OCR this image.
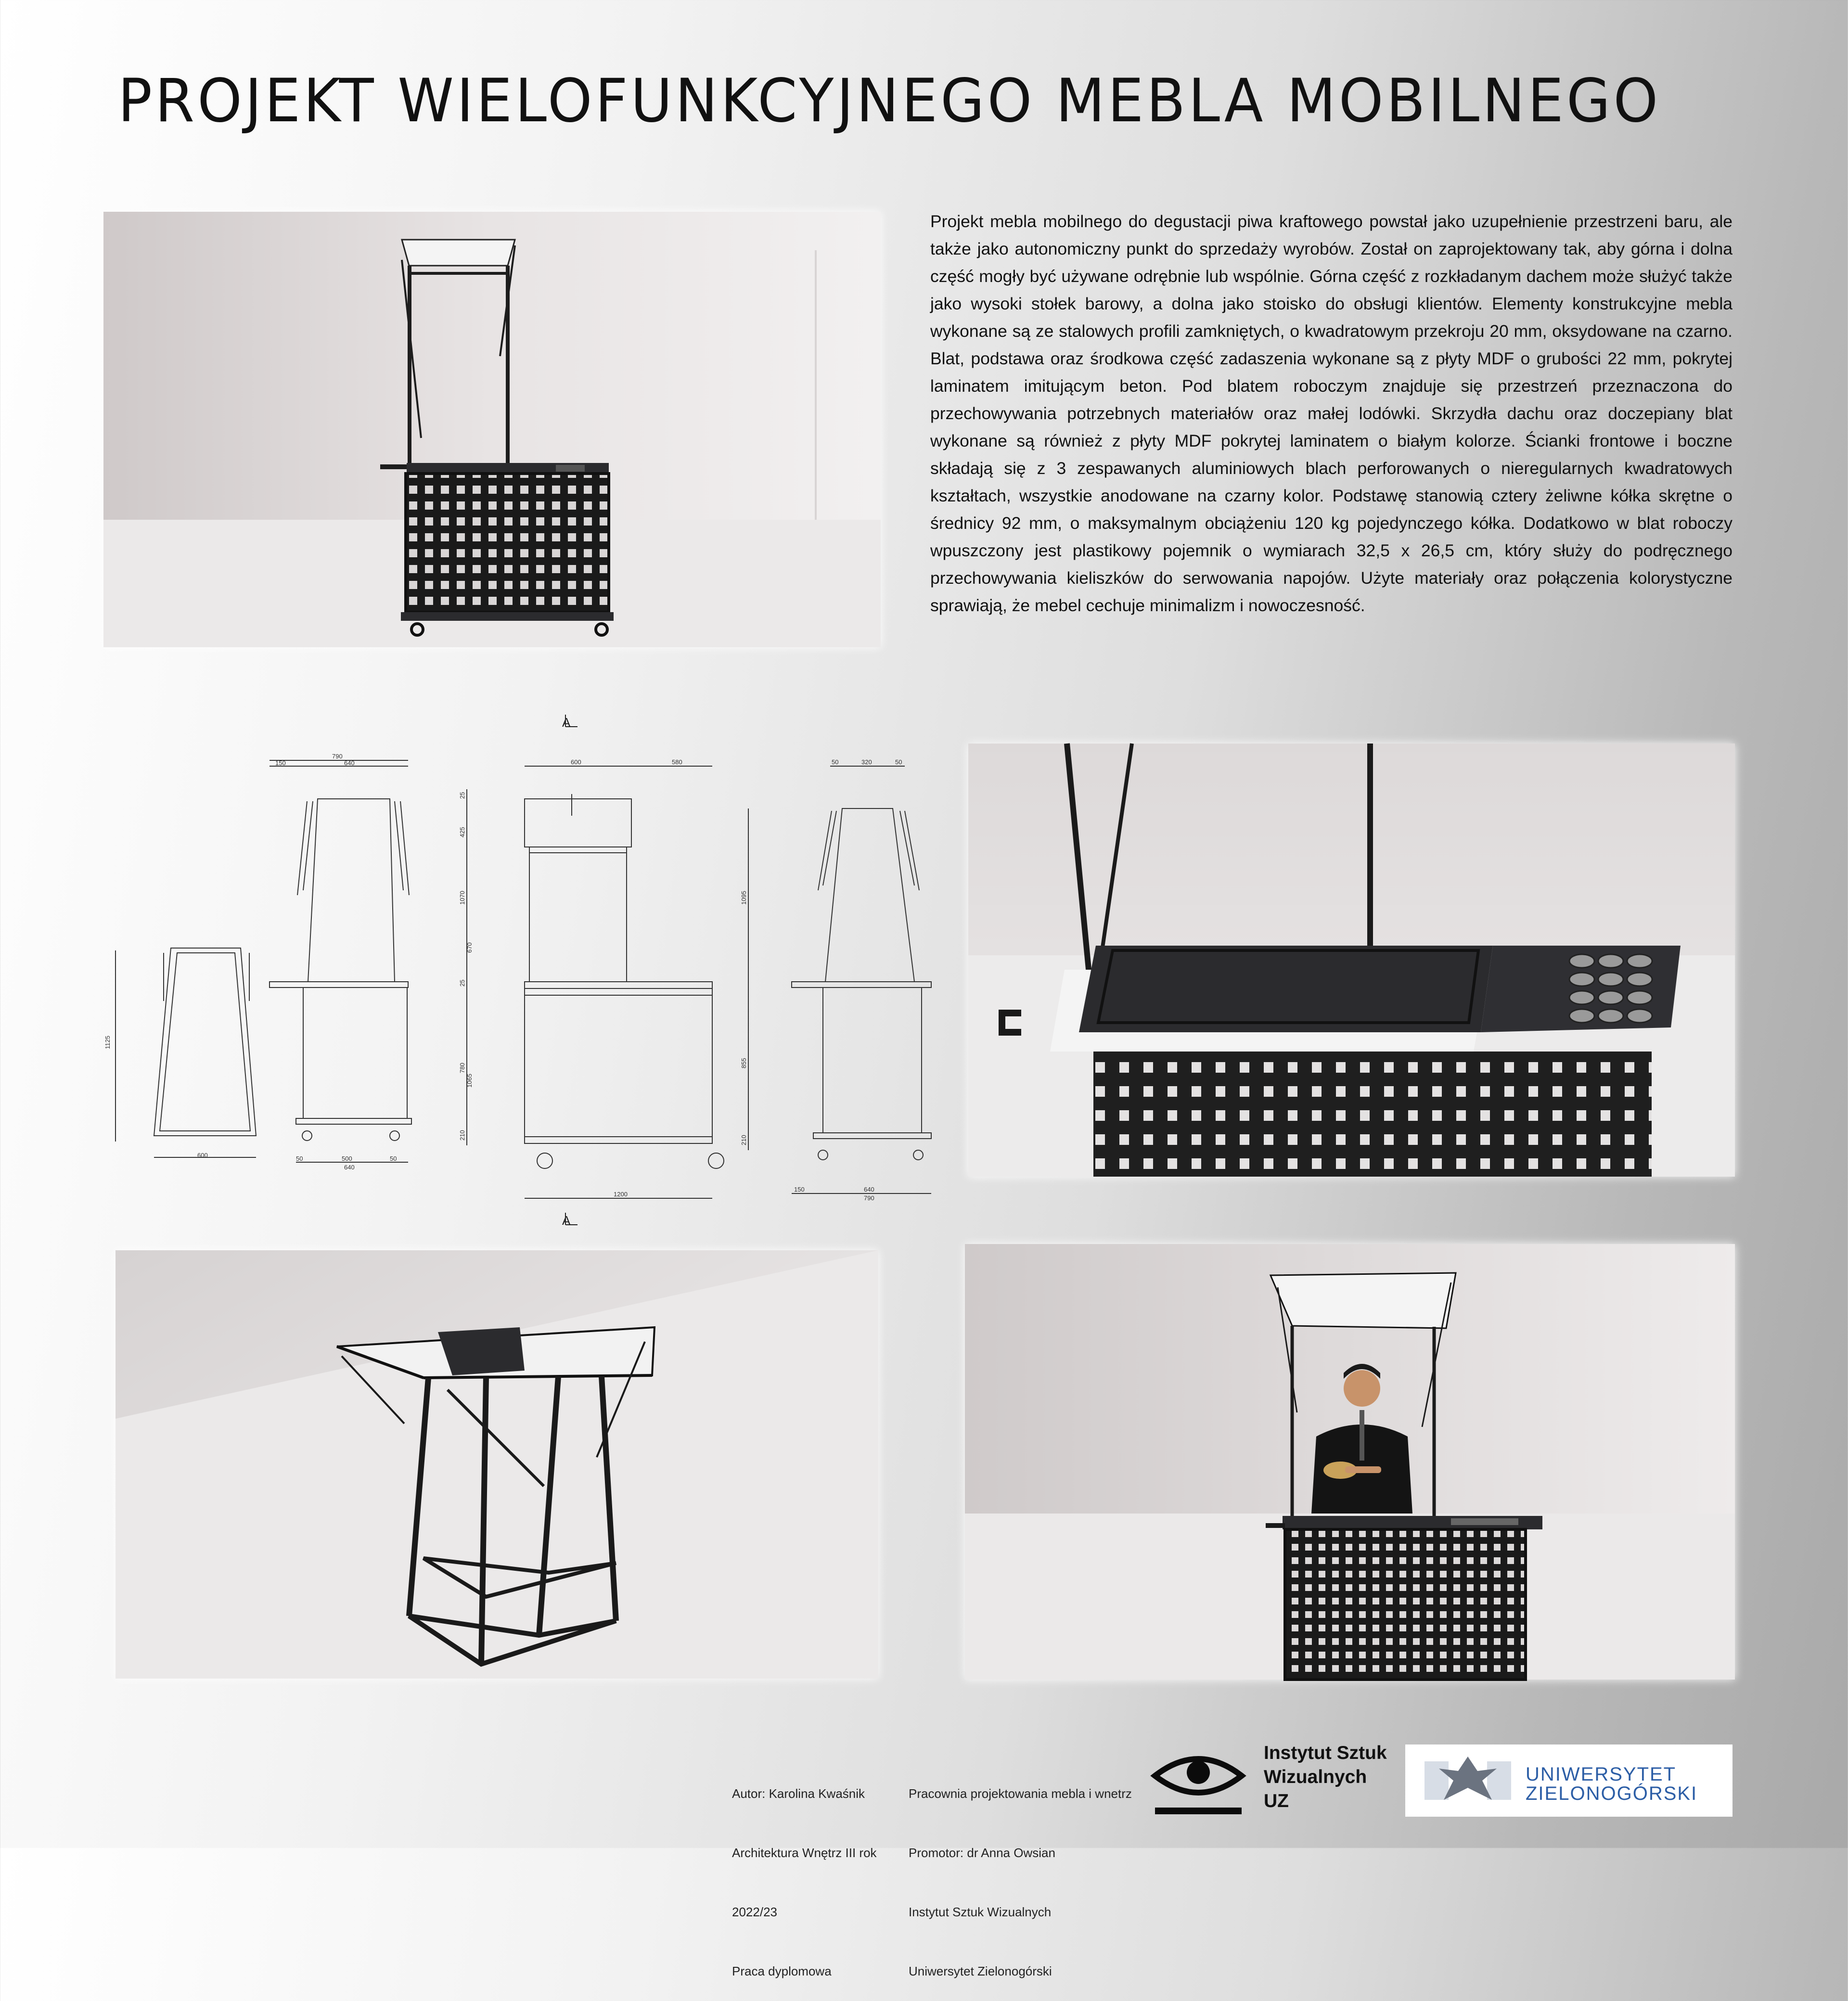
PROJEKT WIELOFUNKCYJNEGO MEBLA MOBILNEGO
Projekt mebla mobilnego do degustacji piwa kraftowego powstał jako uzupełnienie przestrzeni baru, ale także jako autonomiczny punkt do sprzedaży wyrobów. Został on zaprojektowany tak, aby górna i dolna część mogły być używane odrębnie lub wspólnie. Górna część z rozkładanym dachem może służyć także jako wysoki stołek barowy, a dolna jako stoisko do obsługi klientów. Elementy konstrukcyjne mebla wykonane są ze stalowych profili zamkniętych, o kwadratowym przekroju 20 mm, oksydowane na czarno. Blat, podstawa oraz środkowa część zadaszenia wykonane są z płyty MDF o grubości 22 mm, pokrytej laminatem imitującym beton. Pod blatem roboczym znajduje się przestrzeń przeznaczona do przechowywania potrzebnych materiałów oraz małej lodówki. Skrzydła dachu oraz doczepiany blat wykonane są również z płyty MDF pokrytej laminatem o białym kolorze. Ścianki frontowe i boczne składają się z 3 zespawanych aluminiowych blach perforowanych o nieregularnych kwadratowych kształtach, wszystkie anodowane na czarny kolor. Podstawę stanowią cztery żeliwne kółka skrętne o średnicy 92 mm, o maksymalnym obciążeniu 120 kg pojedynczego kółka. Dodatkowo w blat roboczy wpuszczony jest plastikowy pojemnik o wymiarach 32,5 x 26,5 cm, który służy do podręcznego przechowywania kieliszków do serwowania napojów. Użyte materiały oraz połączenia kolorystyczne sprawiają, że mebel cechuje minimalizm i nowoczesność.
A
A
1125
600
790
150	640
50	500	50
640
25
425
1070
670
25
780
1065
210
600	580
1200
1095
855
210
50	320	50
150	640
790

Autor: Karolina Kwaśnik

Architektura Wnętrz III rok

2022/23

Praca dyplomowa

Pracownia projektowania mebla i wnetrz

Promotor: dr Anna Owsian

Instytut Sztuk Wizualnych

Uniwersytet Zielonogórski

Instytut Sztuk
Wizualnych
UZ
UNIWERSYTET
ZIELONOGÓRSKI
